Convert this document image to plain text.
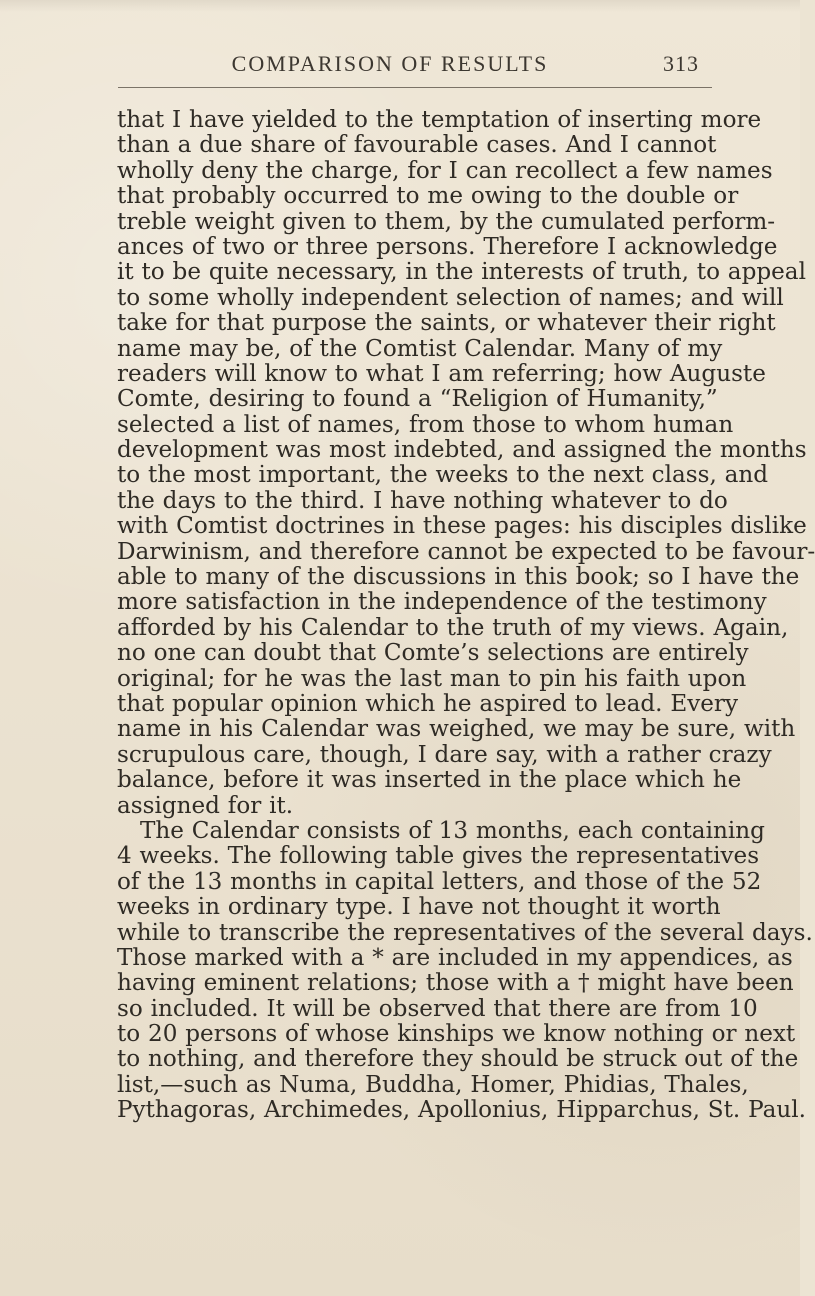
COMPARISON OF RESULTS	313
that I have yielded to the temptation of inserting more
than a due share of favourable cases. And I cannot
wholly deny the charge, for I can recollect a few names
that probably occurred to me owing to the double or
treble weight given to them, by the cumulated perform-
ances of two or three persons. Therefore I acknowledge
it to be quite necessary, in the interests of truth, to appeal
to some wholly independent selection of names; and will
take for that purpose the saints, or whatever their right
name may be, of the Comtist Calendar. Many of my
readers will know to what I am referring; how Auguste
Comte, desiring to found a “Religion of Humanity,”
selected a list of names, from those to whom human
development was most indebted, and assigned the months
to the most important, the weeks to the next class, and
the days to the third. I have nothing whatever to do
with Comtist doctrines in these pages: his disciples dislike
Darwinism, and therefore cannot be expected to be favour-
able to many of the discussions in this book; so I have the
more satisfaction in the independence of the testimony
afforded by his Calendar to the truth of my views. Again,
no one can doubt that Comte’s selections are entirely
original; for he was the last man to pin his faith upon
that popular opinion which he aspired to lead. Every
name in his Calendar was weighed, we may be sure, with
scrupulous care, though, I dare say, with a rather crazy
balance, before it was inserted in the place which he
assigned for it.
The Calendar consists of 13 months, each containing
4 weeks. The following table gives the representatives
of the 13 months in capital letters, and those of the 52
weeks in ordinary type. I have not thought it worth
while to transcribe the representatives of the several days.
Those marked with a * are included in my appendices, as
having eminent relations; those with a † might have been
so included. It will be observed that there are from 10
to 20 persons of whose kinships we know nothing or next
to nothing, and therefore they should be struck out of the
list,—such as Numa, Buddha, Homer, Phidias, Thales,
Pythagoras, Archimedes, Apollonius, Hipparchus, St. Paul.
